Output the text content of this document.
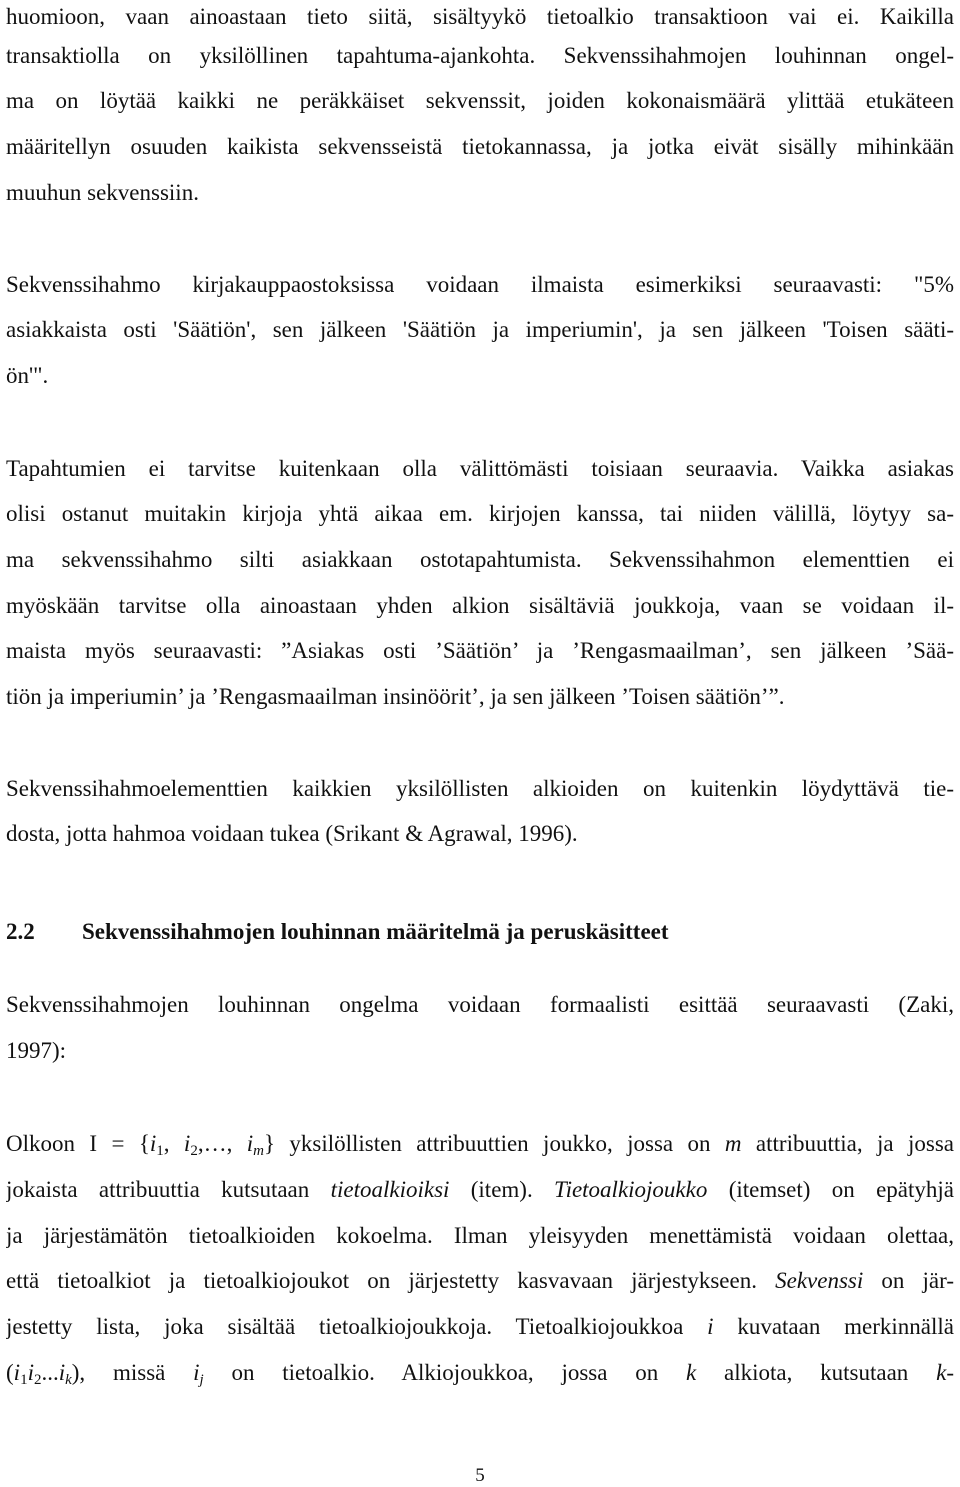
huomioon, vaan ainoastaan tieto siitä, sisältyykö tietoalkio transaktioon vai ei. Kaikilla
transaktiolla on yksilöllinen tapahtuma-ajankohta. Sekvenssihahmojen louhinnan ongel-
ma on löytää kaikki ne peräkkäiset sekvenssit, joiden kokonaismäärä ylittää etukäteen
määritellyn osuuden kaikista sekvensseistä tietokannassa, ja jotka eivät sisälly mihinkään
muuhun sekvenssiin.
Sekvenssihahmo kirjakauppaostoksissa voidaan ilmaista esimerkiksi seuraavasti: "5%
asiakkaista osti 'Säätiön', sen jälkeen 'Säätiön ja imperiumin', ja sen jälkeen 'Toisen sääti-
ön'".
Tapahtumien ei tarvitse kuitenkaan olla välittömästi toisiaan seuraavia. Vaikka asiakas
olisi ostanut muitakin kirjoja yhtä aikaa em. kirjojen kanssa, tai niiden välillä, löytyy sa-
ma sekvenssihahmo silti asiakkaan ostotapahtumista. Sekvenssihahmon elementtien ei
myöskään tarvitse olla ainoastaan yhden alkion sisältäviä joukkoja, vaan se voidaan il-
maista myös seuraavasti: ”Asiakas osti ’Säätiön’ ja ’Rengasmaailman’, sen jälkeen ’Sää-
tiön ja imperiumin’ ja ’Rengasmaailman insinöörit’, ja sen jälkeen ’Toisen säätiön’”.
Sekvenssihahmoelementtien kaikkien yksilöllisten alkioiden on kuitenkin löydyttävä tie-
dosta, jotta hahmoa voidaan tukea (Srikant & Agrawal, 1996).
2.2 Sekvenssihahmojen louhinnan määritelmä ja peruskäsitteet
Sekvenssihahmojen louhinnan ongelma voidaan formaalisti esittää seuraavasti (Zaki,
1997):
Olkoon $I = \{i_1$, $i_2,\dots$, $i_m$} yksilöllisten attribuuttien joukko, jossa on m attribuuttia, ja jossa
jokaista attribuuttia kutsutaan tietoalkioiksi (item). Tietoalkiojoukko (itemset) on epätyhjä
ja järjestämätön tietoalkioiden kokoelma. Ilman yleisyyden menettämistä voidaan olettaa,
että tietoalkiot ja tietoalkiojoukot on järjestetty kasvavaan järjestykseen. Sekvenssi on jär-
jestetty lista, joka sisältää tietoalkiojoukkoja. Tietoalkiojoukkoa i kuvataan merkinnällä
$(i_1i_2...i_k)$, missä $i_j$ on tietoalkio. Alkiojoukkoa, jossa on k alkiota, kutsutaan k-
5
